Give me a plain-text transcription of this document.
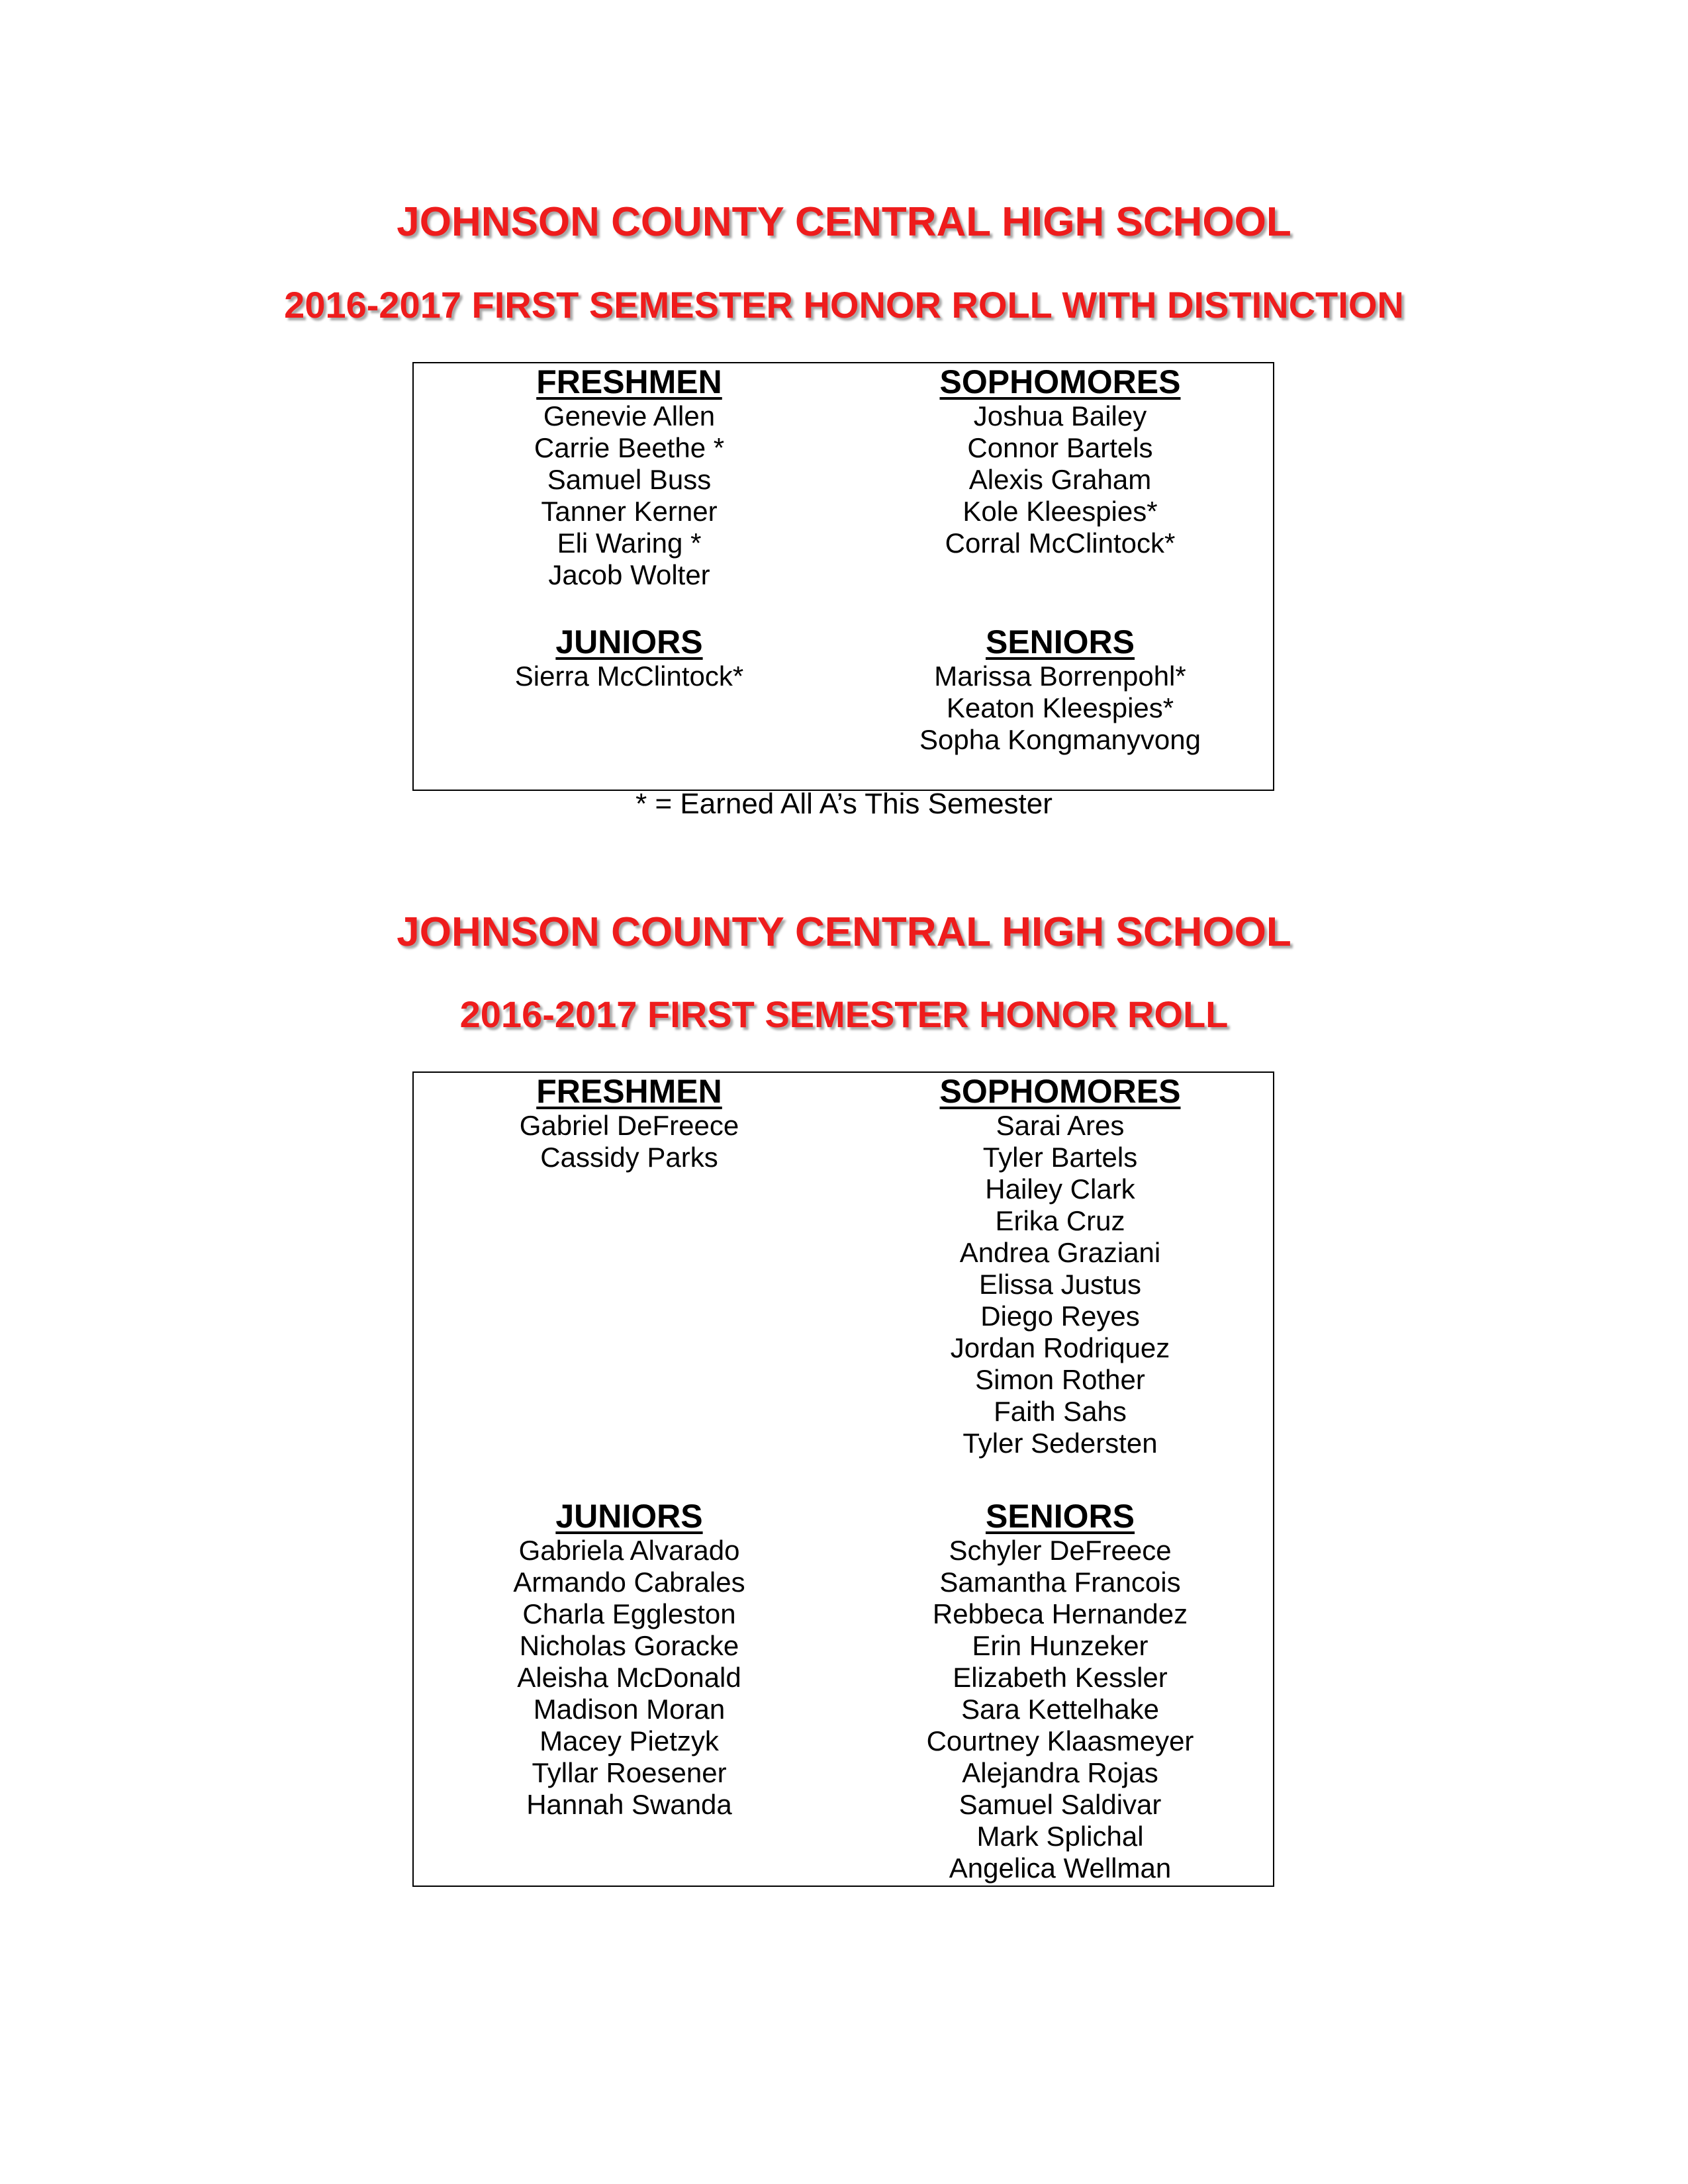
JOHNSON COUNTY CENTRAL HIGH SCHOOL
2016-2017 FIRST SEMESTER HONOR ROLL WITH DISTINCTION
FRESHMEN
Genevie Allen
Carrie Beethe *
Samuel Buss
Tanner Kerner
Eli Waring *
Jacob Wolter
SOPHOMORES
Joshua Bailey
Connor Bartels
Alexis Graham
Kole Kleespies*
Corral McClintock*
JUNIORS
Sierra McClintock*
SENIORS
Marissa Borrenpohl*
Keaton Kleespies*
Sopha Kongmanyvong
* = Earned All A’s This Semester
JOHNSON COUNTY CENTRAL HIGH SCHOOL
2016-2017 FIRST SEMESTER HONOR ROLL
FRESHMEN
Gabriel DeFreece
Cassidy Parks
SOPHOMORES
Sarai Ares
Tyler Bartels
Hailey Clark
Erika Cruz
Andrea Graziani
Elissa Justus
Diego Reyes
Jordan Rodriquez
Simon Rother
Faith Sahs
Tyler Sedersten
JUNIORS
Gabriela Alvarado
Armando Cabrales
Charla Eggleston
Nicholas Goracke
Aleisha McDonald
Madison Moran
Macey Pietzyk
Tyllar Roesener
Hannah Swanda
SENIORS
Schyler DeFreece
Samantha Francois
Rebbeca Hernandez
Erin Hunzeker
Elizabeth Kessler
Sara Kettelhake
Courtney Klaasmeyer
Alejandra Rojas
Samuel Saldivar
Mark Splichal
Angelica Wellman
